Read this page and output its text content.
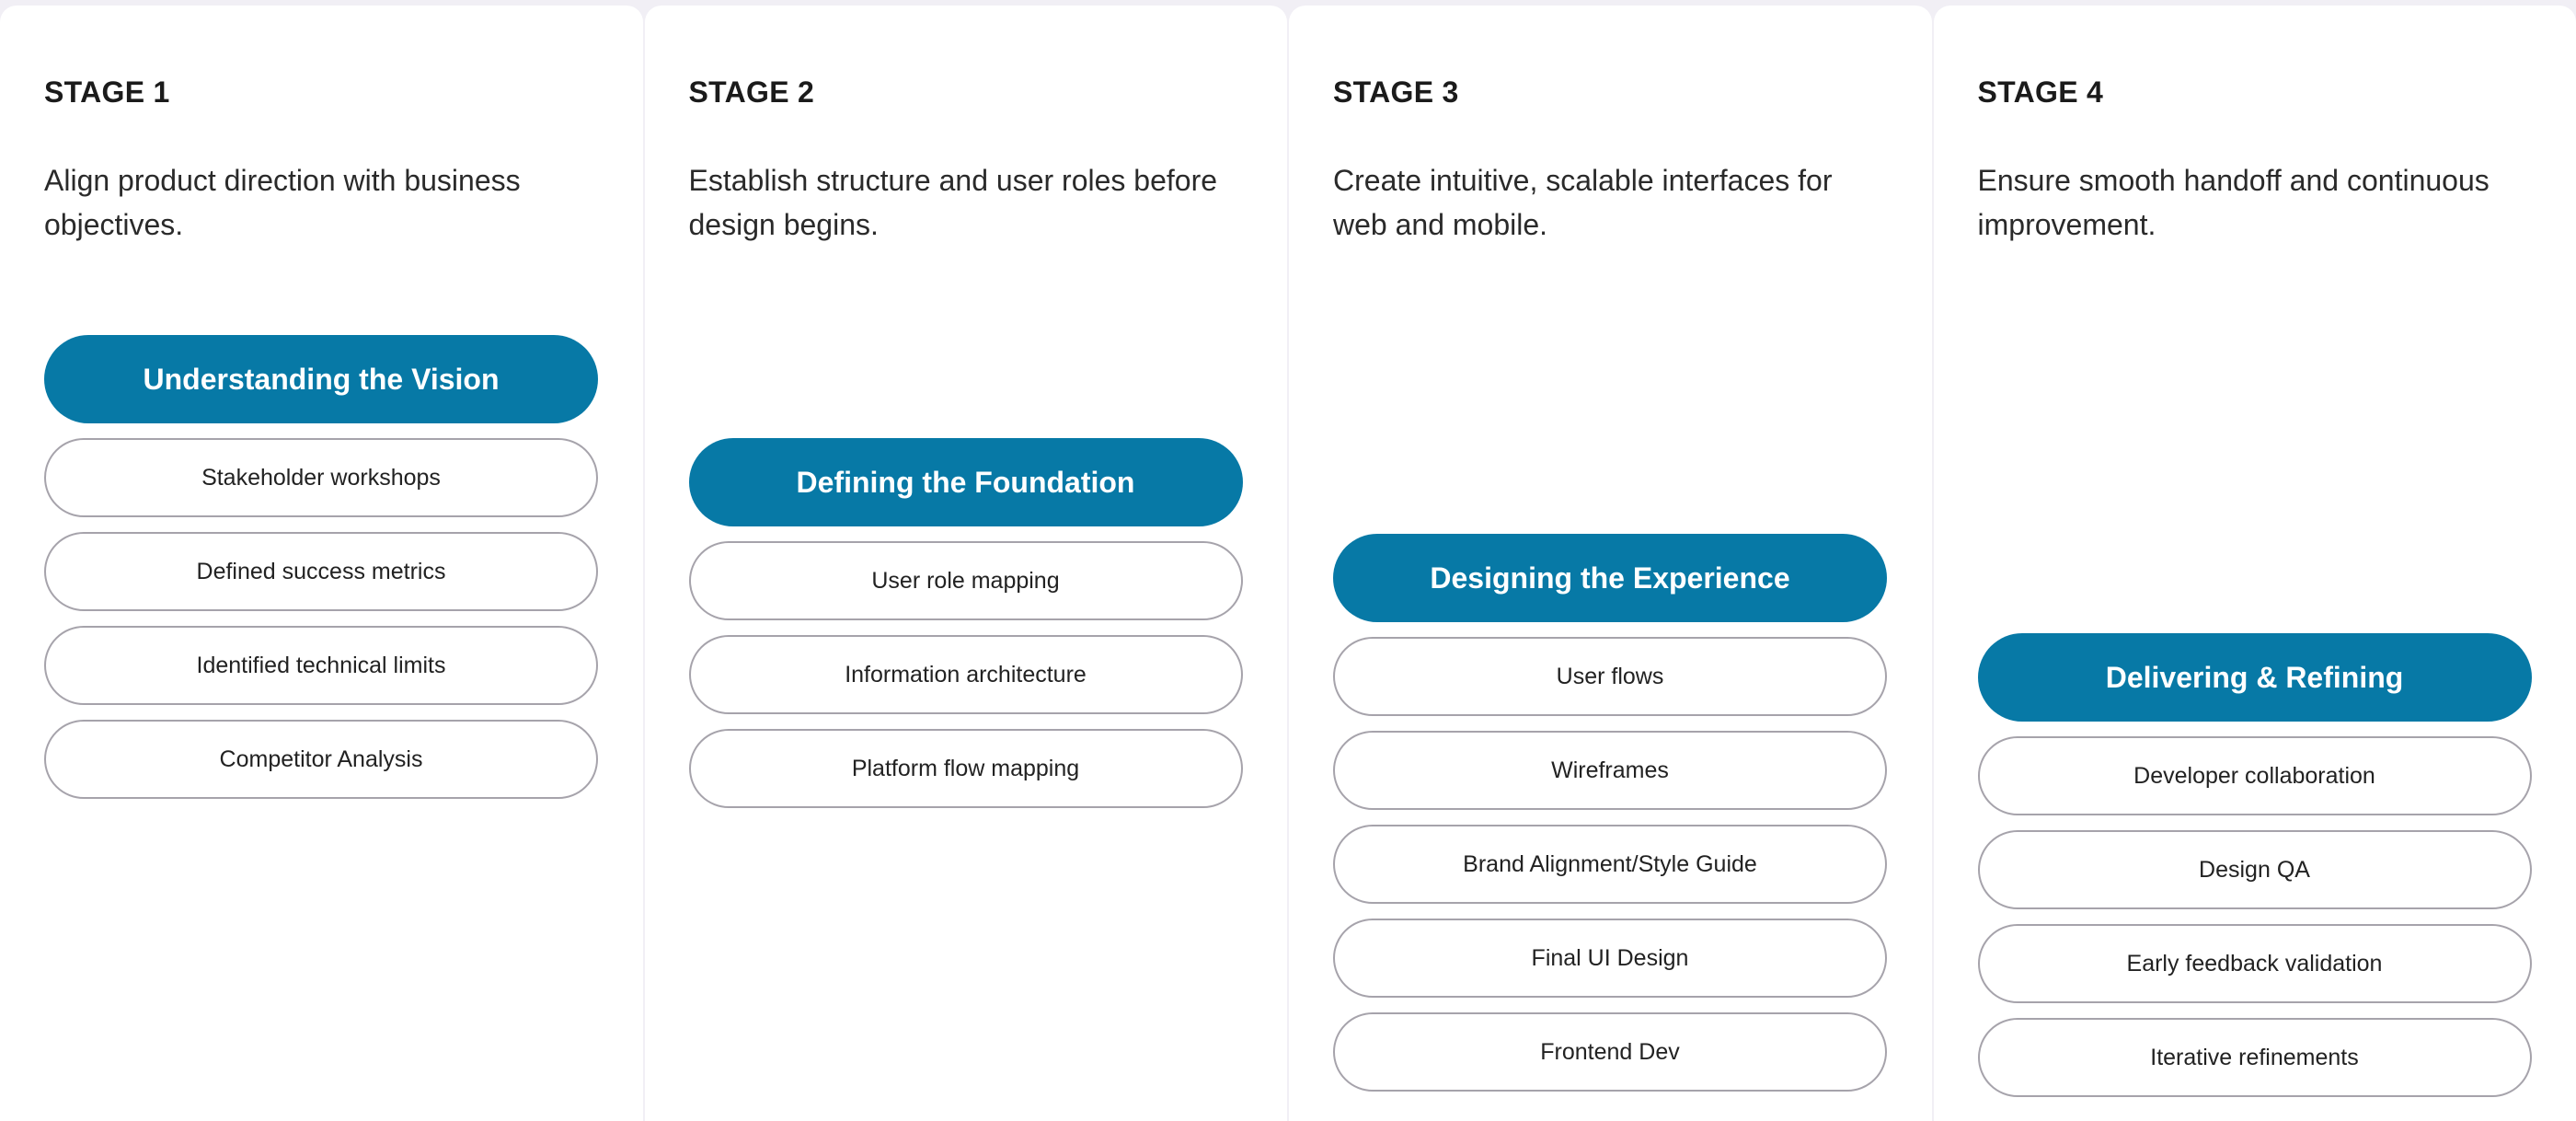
STAGE 1

Align product direction with business objectives.

Understanding the Vision
Stakeholder workshops
Defined success metrics
Identified technical limits
Competitor Analysis
STAGE 2

Establish structure and user roles before design begins.

Defining the Foundation
User role mapping
Information architecture
Platform flow mapping
STAGE 3

Create intuitive, scalable interfaces for web and mobile.

Designing the Experience
User flows
Wireframes
Brand Alignment/Style Guide
Final UI Design
Frontend Dev
STAGE 4

Ensure smooth handoff and continuous improvement.

Delivering & Refining
Developer collaboration
Design QA
Early feedback validation
Iterative refinements
